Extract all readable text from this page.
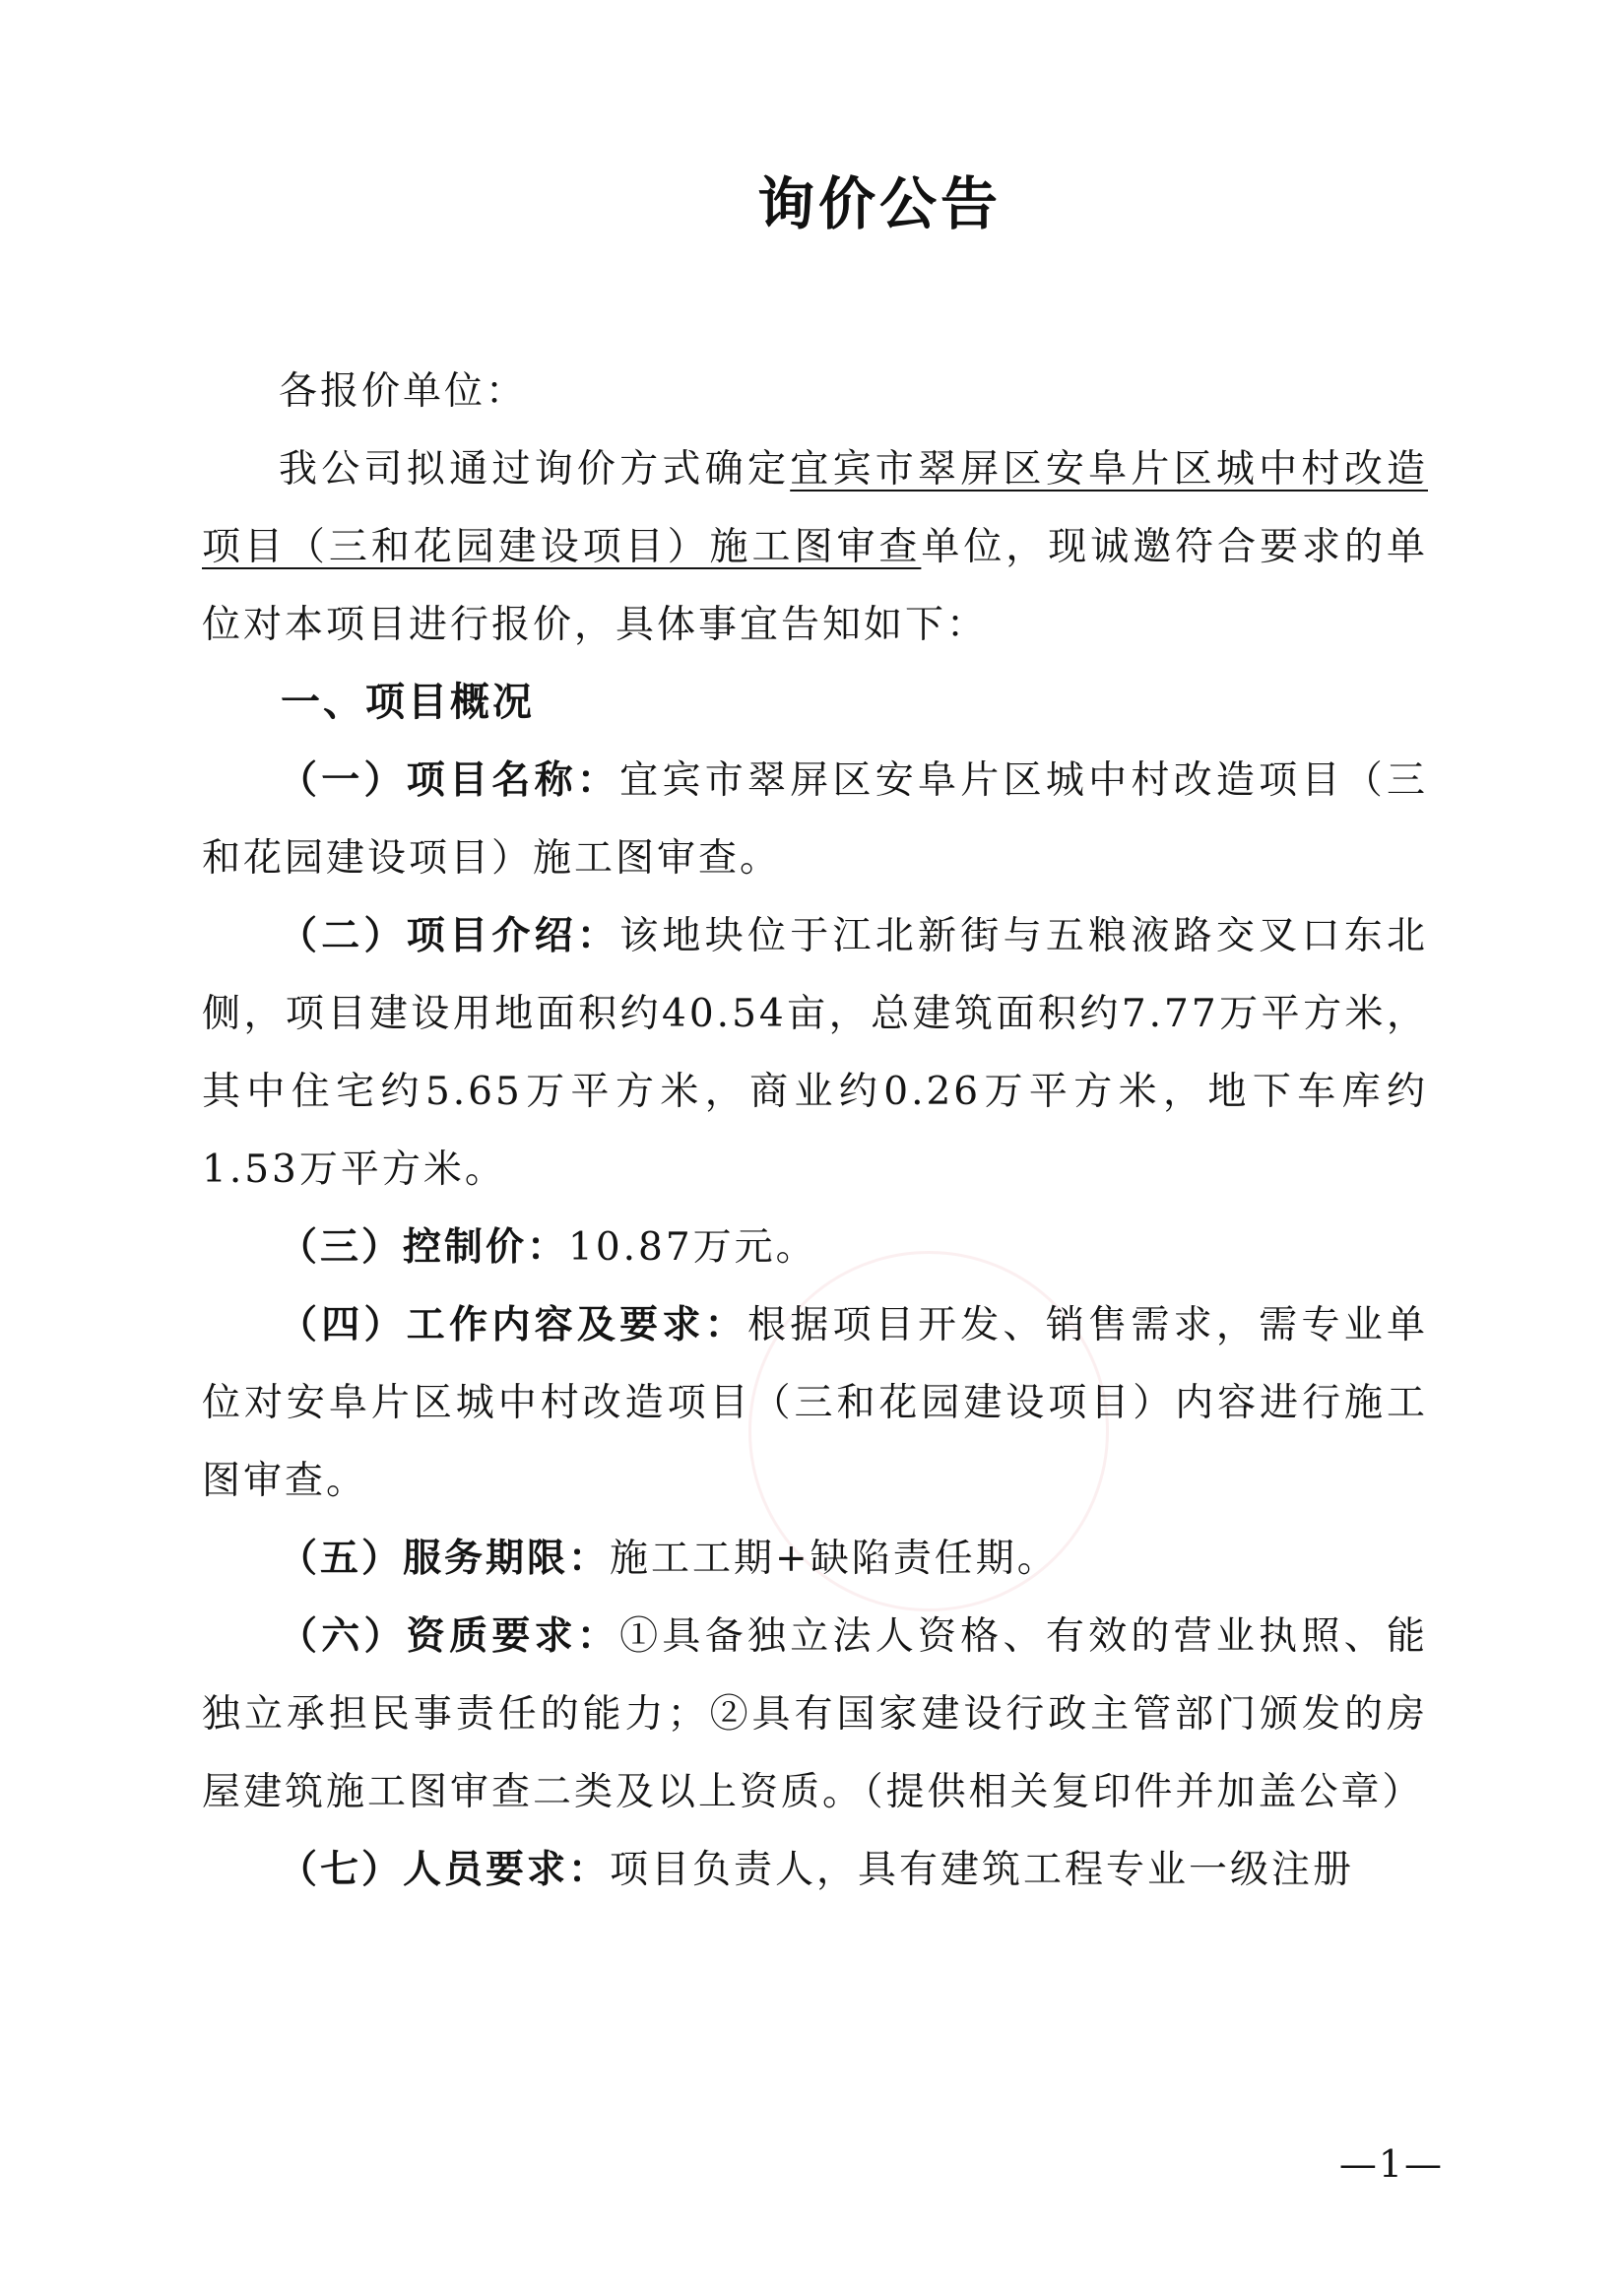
询价公告

各报价单位：

我公司拟通过询价方式确定宜宾市翠屏区安阜片区城中村改造项目（三和花园建设项目）施工图审查单位，现诚邀符合要求的单位对本项目进行报价，具体事宜告知如下：

一、项目概况

（一）项目名称：宜宾市翠屏区安阜片区城中村改造项目（三和花园建设项目）施工图审查。

（二）项目介绍：该地块位于江北新街与五粮液路交叉口东北侧，项目建设用地面积约40.54亩，总建筑面积约7.77万平方米，其中住宅约5.65万平方米，商业约0.26万平方米，地下车库约1.53万平方米。

（三）控制价：10.87万元。

（四）工作内容及要求：根据项目开发、销售需求，需专业单位对安阜片区城中村改造项目（三和花园建设项目）内容进行施工图审查。

（五）服务期限：施工工期+缺陷责任期。

（六）资质要求：①具备独立法人资格、有效的营业执照、能独立承担民事责任的能力；②具有国家建设行政主管部门颁发的房屋建筑施工图审查二类及以上资质。（提供相关复印件并加盖公章）

（七）人员要求：项目负责人，具有建筑工程专业一级注册

—1—
